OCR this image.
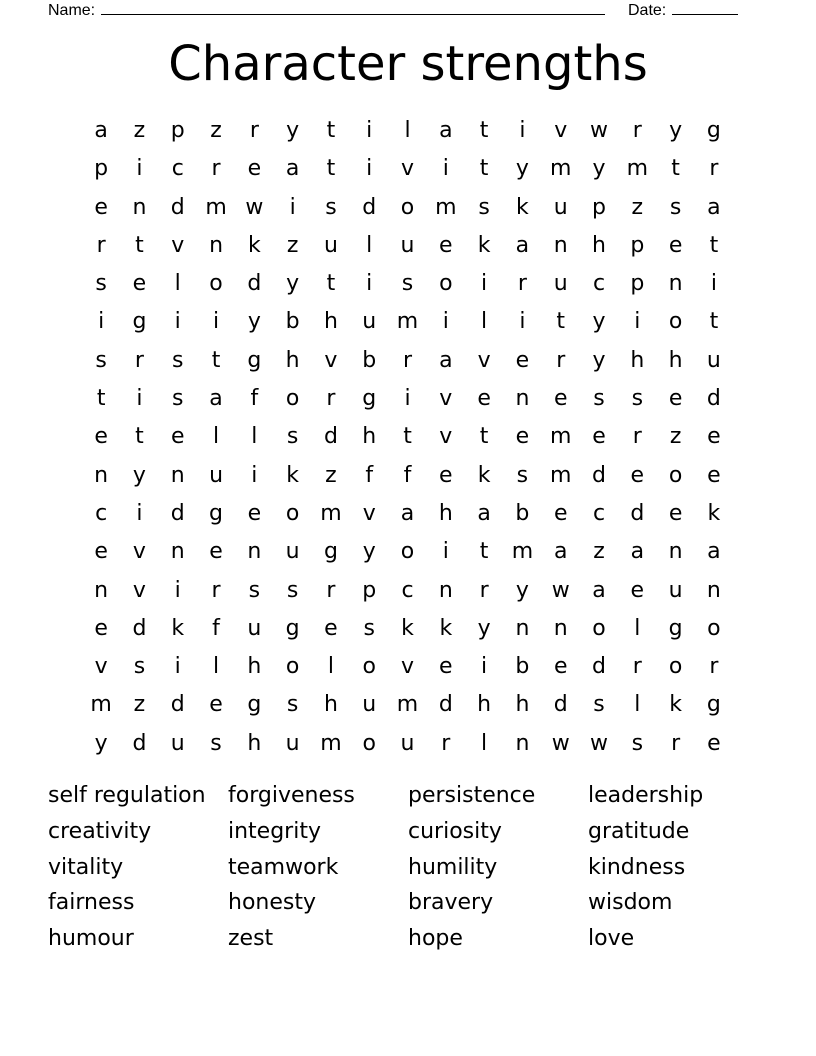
Name:	Date:
Character strengths
a	z	p	z	r	y	t	i	l	a	t	i	v	w	r	y	g
p	i	c	r	e	a	t	i	v	i	t	y m y m	t	r
e	n	d m w	i	s	d	o m s	k	u	p	z	s	a
r	t	v	n	k	z	u	l	u	e	k	a	n	h	p	e	t
s	e	l	o	d	y	t	i	s	o	i	r	u	c	p	n	i
i	g	i	i	y	b	h	u m	i	l	i	t	y	i	o	t
s	r	s	t	g	h	v	b	r	a	v	e	r	y	h	h	u
t	i	s	a	f	o	r	g	i	v	e	n	e	s	s	e	d
e	t	e	l	l	s	d	h	t	v	t	e m e	r	z	e
n	y	n	u	i	k	z	f	f	e	k	s m d	e	o	e
c	i	d	g	e	o m v	a	h	a	b	e	c	d	e	k
e	v	n	e	n	u	g	y	o	i	t	m a	z	a	n	a
n	v	i	r	s	s	r	p	c	n	r	y	w	a	e	u	n
e	d	k	f	u	g	e	s	k	k	y	n	n	o	l	g	o
v	s	i	l	h	o	l	o	v	e	i	b	e	d	r	o	r
m z	d	e	g	s	h	u m d	h	h	d	s	l	k	g
y	d	u	s	h	u m o	u	r	l	n	w w	s	r	e
self regulation	forgiveness	persistence	leadership
creativity	integrity	curiosity	gratitude
vitality	teamwork	humility	kindness
fairness	honesty	bravery	wisdom
humour	zest	hope	love
